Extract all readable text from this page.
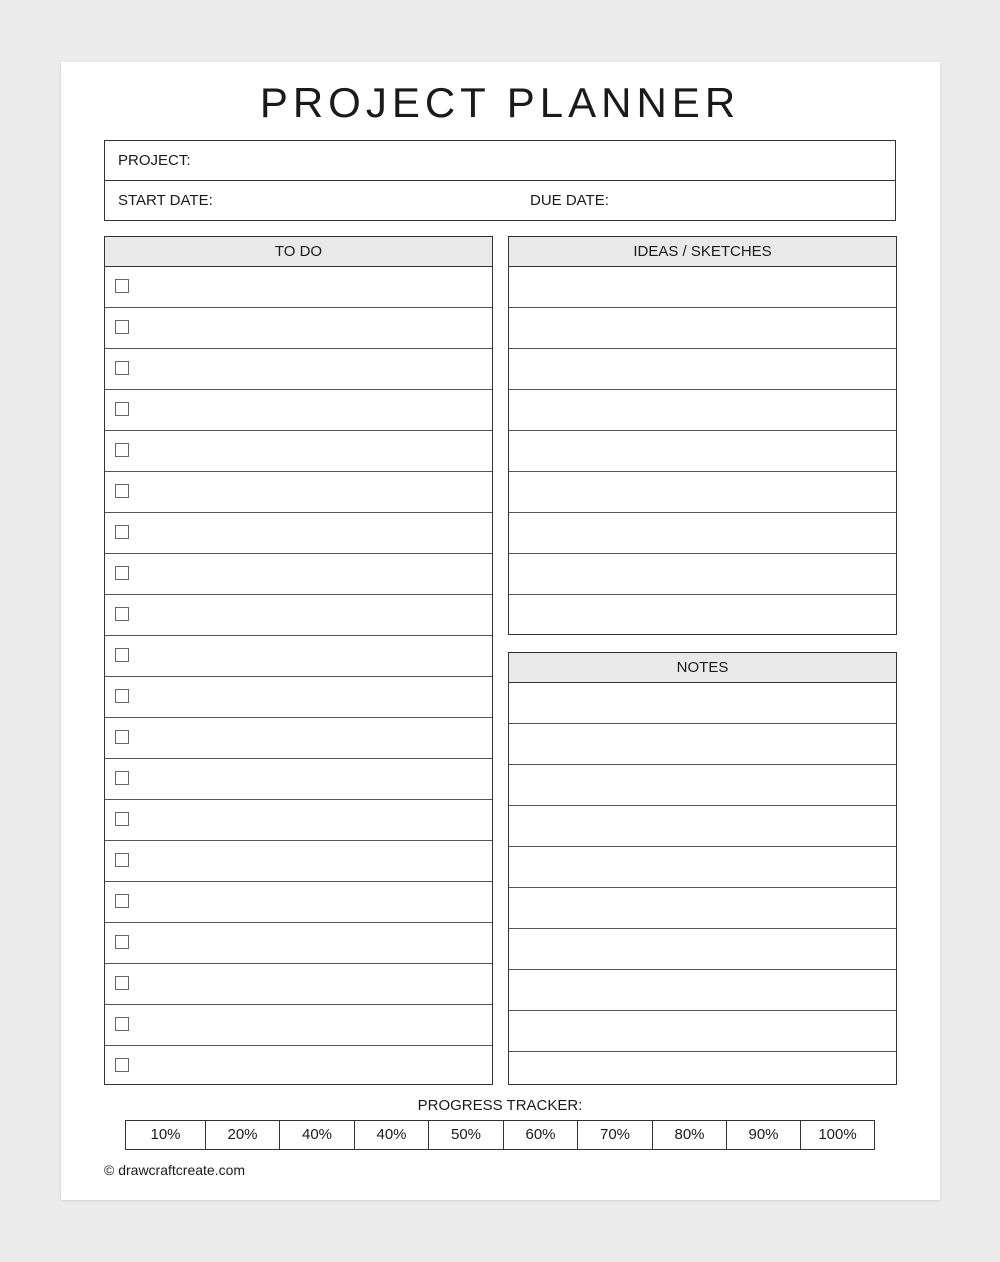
PROJECT PLANNER
PROJECT:
START DATE:	DUE DATE:
TO DO	IDEAS / SKETCHES
NOTES
PROGRESS TRACKER:
10%	20%	40%	40%	50%	60%	70%	80%	90%	100%
© drawcraftcreate.com
